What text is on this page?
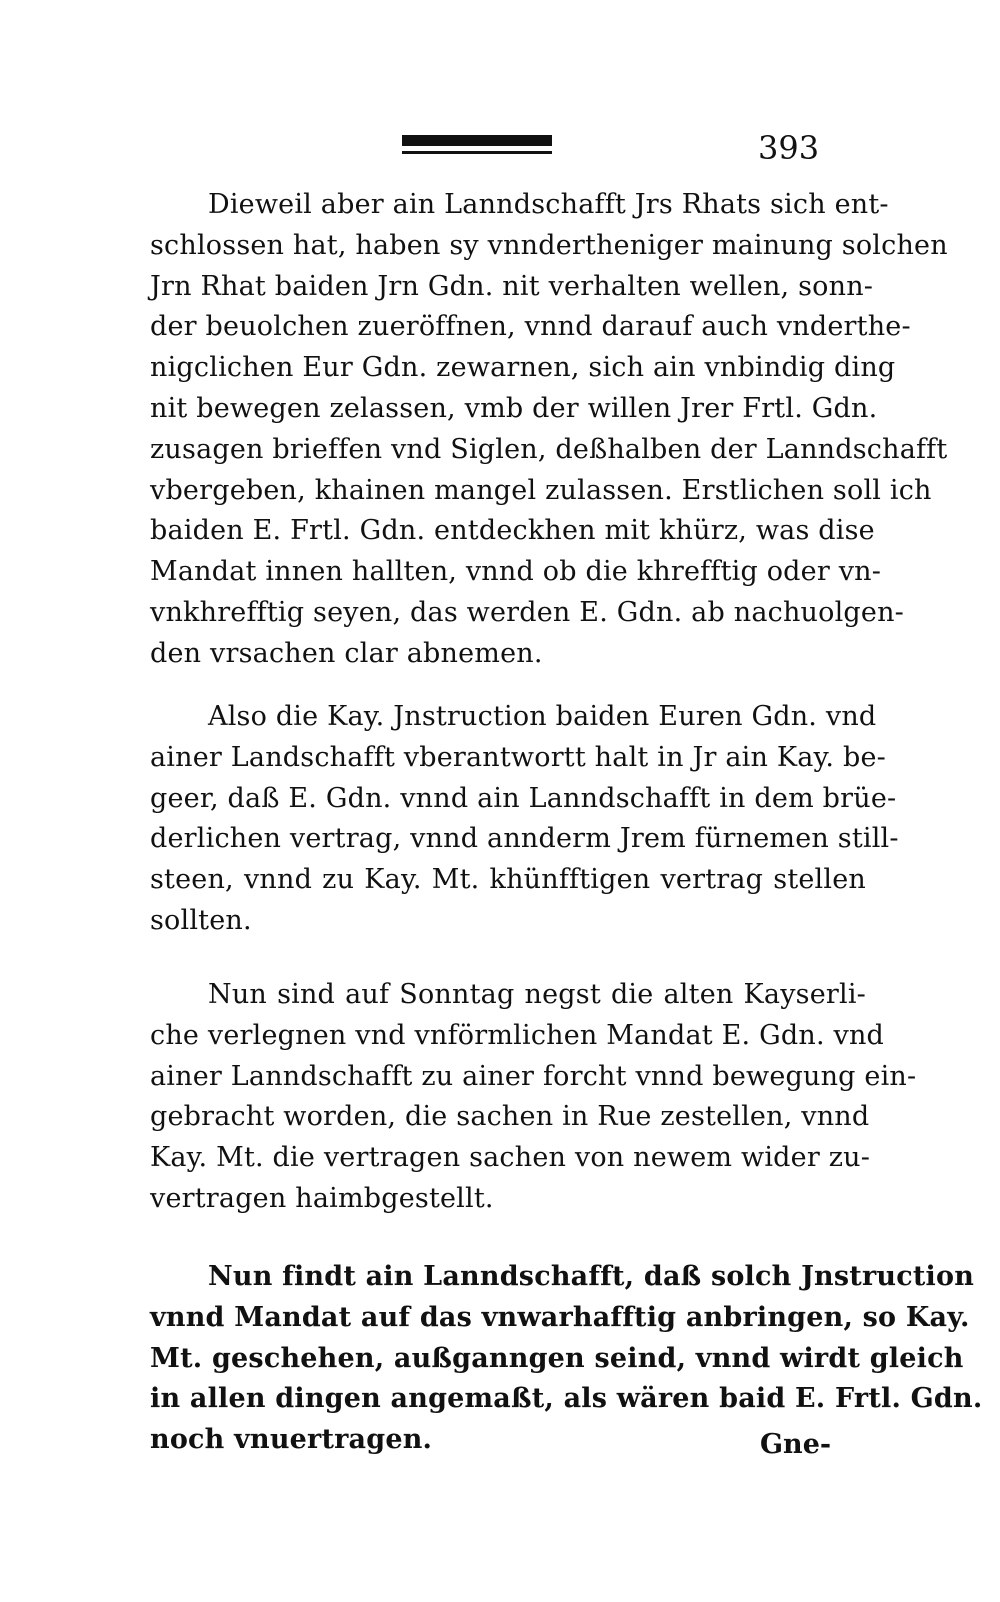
393
Dieweil aber ain Lanndschafft Jrs Rhats sich ent-
schlossen hat, haben sy vnndertheniger mainung solchen
Jrn Rhat baiden Jrn Gdn. nit verhalten wellen, sonn-
der beuolchen zueröffnen, vnnd darauf auch vnderthe-
nigclichen Eur Gdn. zewarnen, sich ain vnbindig ding
nit bewegen zelassen, vmb der willen Jrer Frtl. Gdn.
zusagen brieffen vnd Siglen, deßhalben der Lanndschafft
vbergeben, khainen mangel zulassen. Erstlichen soll ich
baiden E. Frtl. Gdn. entdeckhen mit khürz, was dise
Mandat innen hallten, vnnd ob die khrefftig oder vn-
vnkhrefftig seyen, das werden E. Gdn. ab nachuolgen-
den vrsachen clar abnemen.
Also die Kay. Jnstruction baiden Euren Gdn. vnd
ainer Landschafft vberantwortt halt in Jr ain Kay. be-
geer, daß E. Gdn. vnnd ain Lanndschafft in dem brüe-
derlichen vertrag, vnnd annderm Jrem fürnemen still-
steen, vnnd zu Kay. Mt. khünfftigen vertrag stellen
sollten.
Nun sind auf Sonntag negst die alten Kayserli-
che verlegnen vnd vnförmlichen Mandat E. Gdn. vnd
ainer Lanndschafft zu ainer forcht vnnd bewegung ein-
gebracht worden, die sachen in Rue zestellen, vnnd
Kay. Mt. die vertragen sachen von newem wider zu-
vertragen haimbgestellt.
Nun findt ain Lanndschafft, daß solch Jnstruction
vnnd Mandat auf das vnwarhafftig anbringen, so Kay.
Mt. geschehen, außganngen seind, vnnd wirdt gleich
in allen dingen angemaßt, als wären baid E. Frtl. Gdn.
noch vnuertragen.	Gne-
